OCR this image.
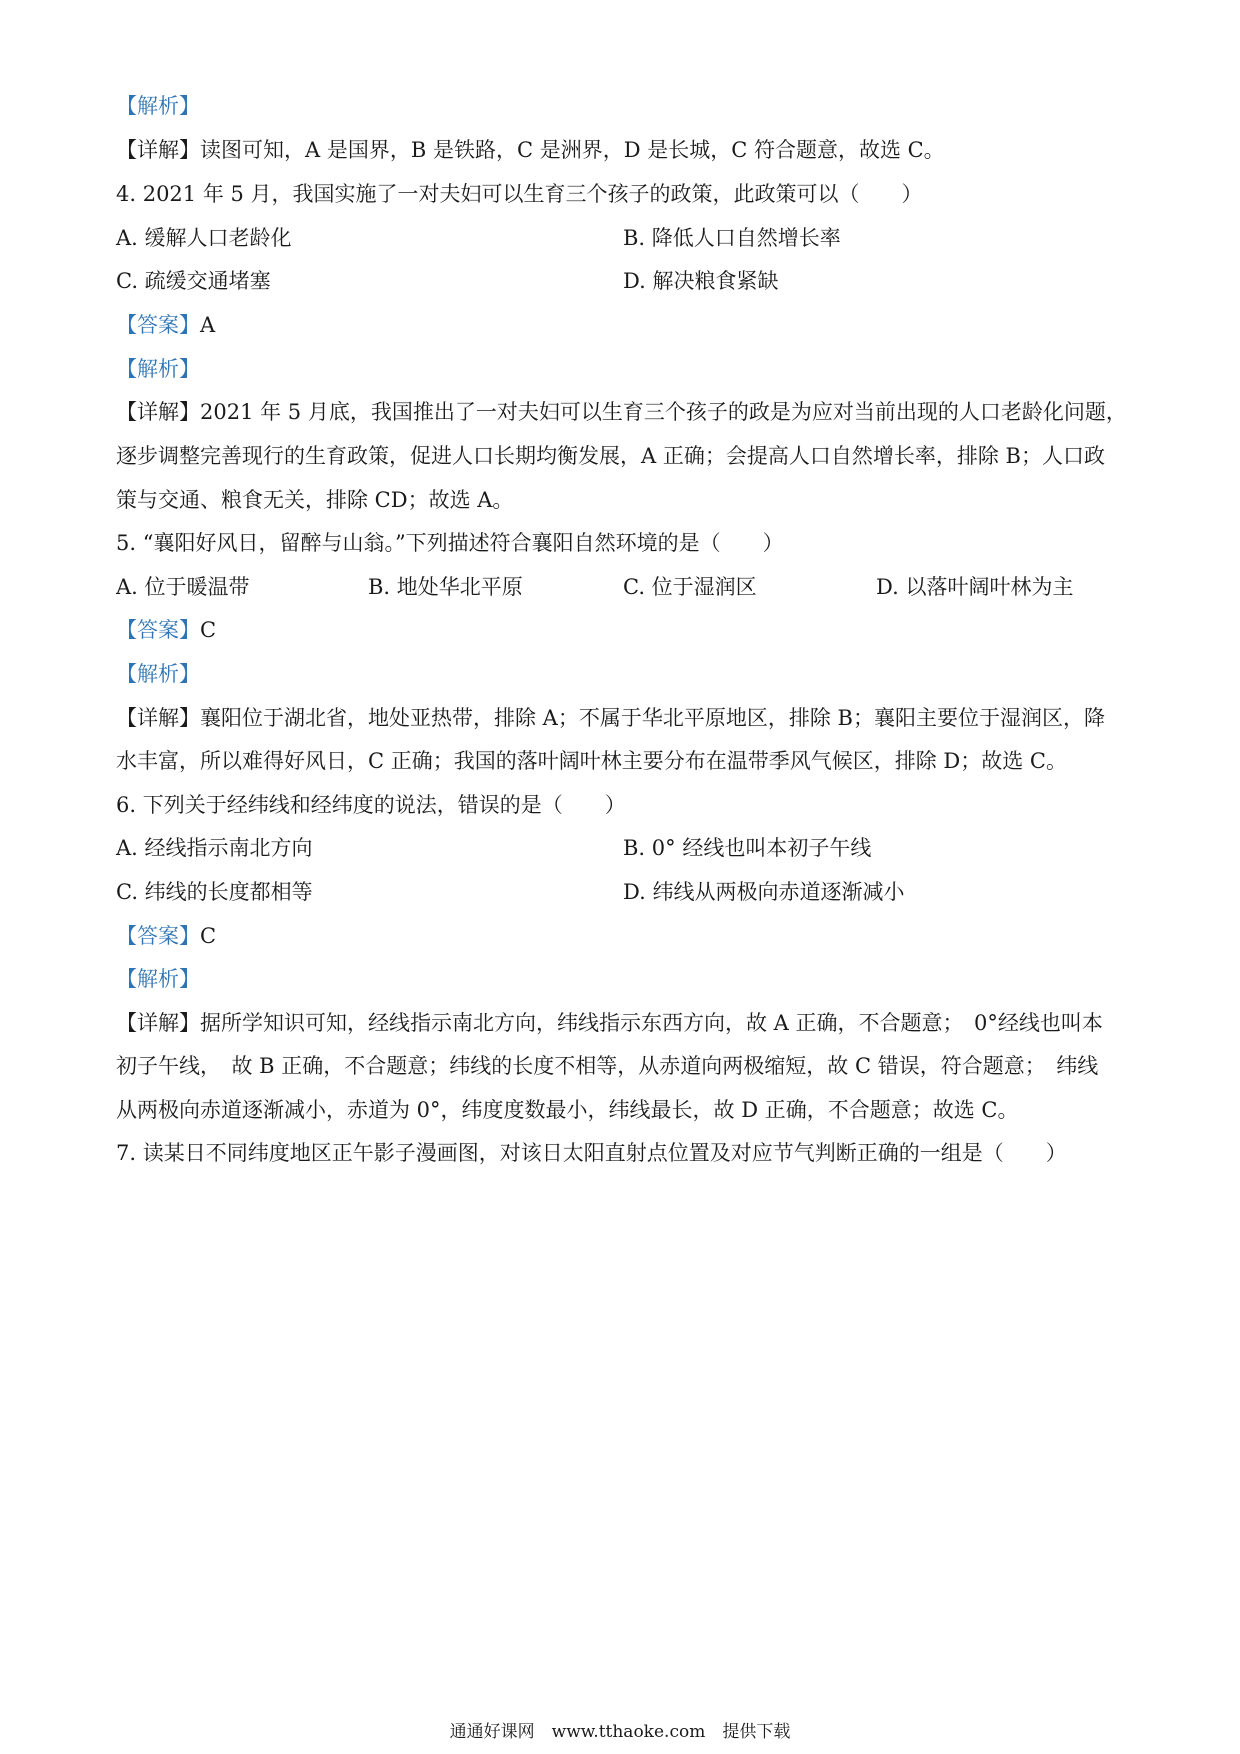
【解析】
【详解】读图可知，A 是国界，B 是铁路，C 是洲界，D 是长城，C 符合题意，故选 C。
4. 2021 年 5 月，我国实施了一对夫妇可以生育三个孩子的政策，此政策可以（　　）
A. 缓解人口老龄化	B. 降低人口自然增长率
C. 疏缓交通堵塞	D. 解决粮食紧缺
【答案】A
【解析】
【详解】2021 年 5 月底，我国推出了一对夫妇可以生育三个孩子的政是为应对当前出现的人口老龄化问题，
逐步调整完善现行的生育政策，促进人口长期均衡发展，A 正确；会提高人口自然增长率，排除 B；人口政
策与交通、粮食无关，排除 CD；故选 A。
5. “襄阳好风日，留醉与山翁。”下列描述符合襄阳自然环境的是（　　）
A. 位于暖温带	B. 地处华北平原	C. 位于湿润区	D. 以落叶阔叶林为主
【答案】C
【解析】
【详解】襄阳位于湖北省，地处亚热带，排除 A；不属于华北平原地区，排除 B；襄阳主要位于湿润区，降
水丰富，所以难得好风日，C 正确；我国的落叶阔叶林主要分布在温带季风气候区，排除 D；故选 C。
6. 下列关于经纬线和经纬度的说法，错误的是（　　）
A. 经线指示南北方向	B. 0° 经线也叫本初子午线
C. 纬线的长度都相等	D. 纬线从两极向赤道逐渐减小
【答案】C
【解析】
【详解】据所学知识可知，经线指示南北方向，纬线指示东西方向，故 A 正确，不合题意；　0°经线也叫本
初子午线，　故 B 正确，不合题意；纬线的长度不相等，从赤道向两极缩短，故 C 错误，符合题意；　纬线
从两极向赤道逐渐减小，赤道为 0°，纬度度数最小，纬线最长，故 D 正确，不合题意；故选 C。
7. 读某日不同纬度地区正午影子漫画图，对该日太阳直射点位置及对应节气判断正确的一组是（　　）
通通好课网　www.tthaoke.com　提供下载
